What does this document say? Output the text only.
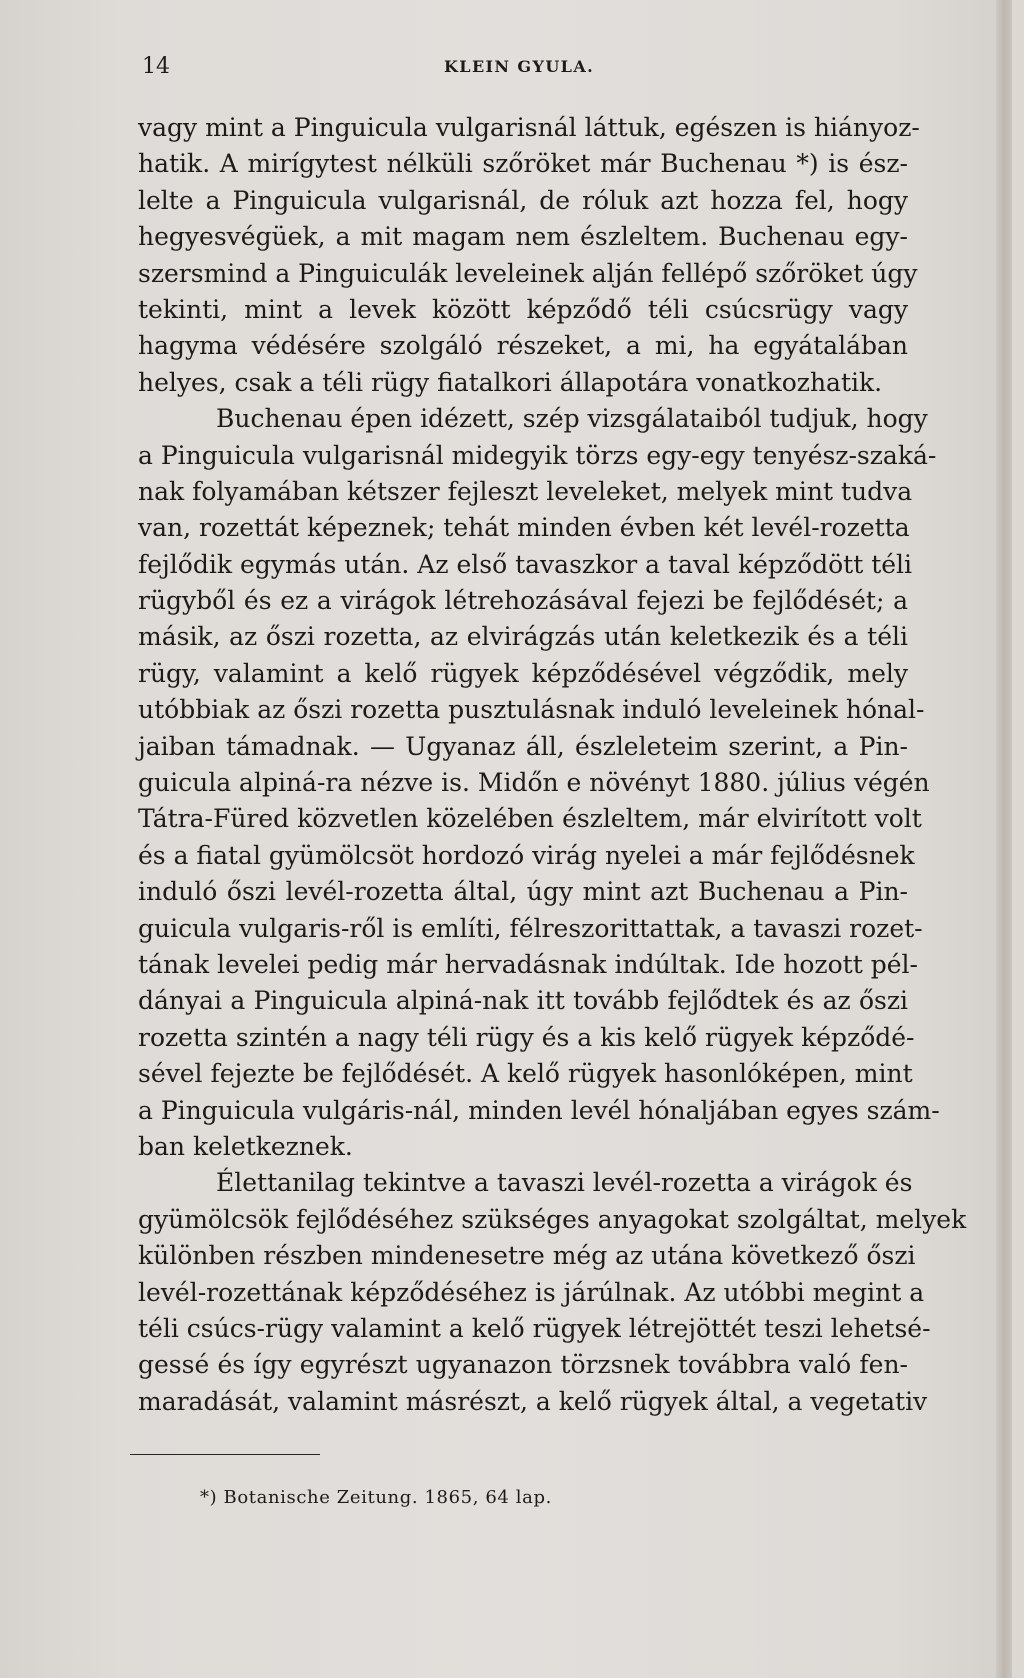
14	KLEIN GYULA.
vagy mint a Pinguicula vulgarisnál láttuk, egészen is hiányoz-
hatik. A mirígytest nélküli szőröket már Buchenau *) is ész-
lelte a Pinguicula vulgarisnál, de róluk azt hozza fel, hogy
hegyesvégüek, a mit magam nem észleltem. Buchenau egy-
szersmind a Pinguiculák leveleinek alján fellépő szőröket úgy
tekinti, mint a levek között képződő téli csúcsrügy vagy
hagyma védésére szolgáló részeket, a mi, ha egyátalában
helyes, csak a téli rügy fiatalkori állapotára vonatkozhatik.
Buchenau épen idézett, szép vizsgálataiból tudjuk, hogy
a Pinguicula vulgarisnál midegyik törzs egy-egy tenyész-szaká-
nak folyamában kétszer fejleszt leveleket, melyek mint tudva
van, rozettát képeznek; tehát minden évben két levél-rozetta
fejlődik egymás után. Az első tavaszkor a taval képződött téli
rügyből és ez a virágok létrehozásával fejezi be fejlődését; a
másik, az őszi rozetta, az elvirágzás után keletkezik és a téli
rügy, valamint a kelő rügyek képződésével végződik, mely
utóbbiak az őszi rozetta pusztulásnak induló leveleinek hónal-
jaiban támadnak. — Ugyanaz áll, észleleteim szerint, a Pin-
guicula alpiná-ra nézve is. Midőn e növényt 1880. július végén
Tátra-Füred közvetlen közelében észleltem, már elvirított volt
és a fiatal gyümölcsöt hordozó virág nyelei a már fejlődésnek
induló őszi levél-rozetta által, úgy mint azt Buchenau a Pin-
guicula vulgaris-ről is említi, félreszorittattak, a tavaszi rozet-
tának levelei pedig már hervadásnak indúltak. Ide hozott pél-
dányai a Pinguicula alpiná-nak itt tovább fejlődtek és az őszi
rozetta szintén a nagy téli rügy és a kis kelő rügyek képződé-
sével fejezte be fejlődését. A kelő rügyek hasonlóképen, mint
a Pinguicula vulgáris-nál, minden levél hónaljában egyes szám-
ban keletkeznek.
Élettanilag tekintve a tavaszi levél-rozetta a virágok és
gyümölcsök fejlődéséhez szükséges anyagokat szolgáltat, melyek
különben részben mindenesetre még az utána következő őszi
levél-rozettának képződéséhez is járúlnak. Az utóbbi megint a
téli csúcs-rügy valamint a kelő rügyek létrejöttét teszi lehetsé-
gessé és így egyrészt ugyanazon törzsnek továbbra való fen-
maradását, valamint másrészt, a kelő rügyek által, a vegetativ
*) Botanische Zeitung. 1865, 64 lap.
